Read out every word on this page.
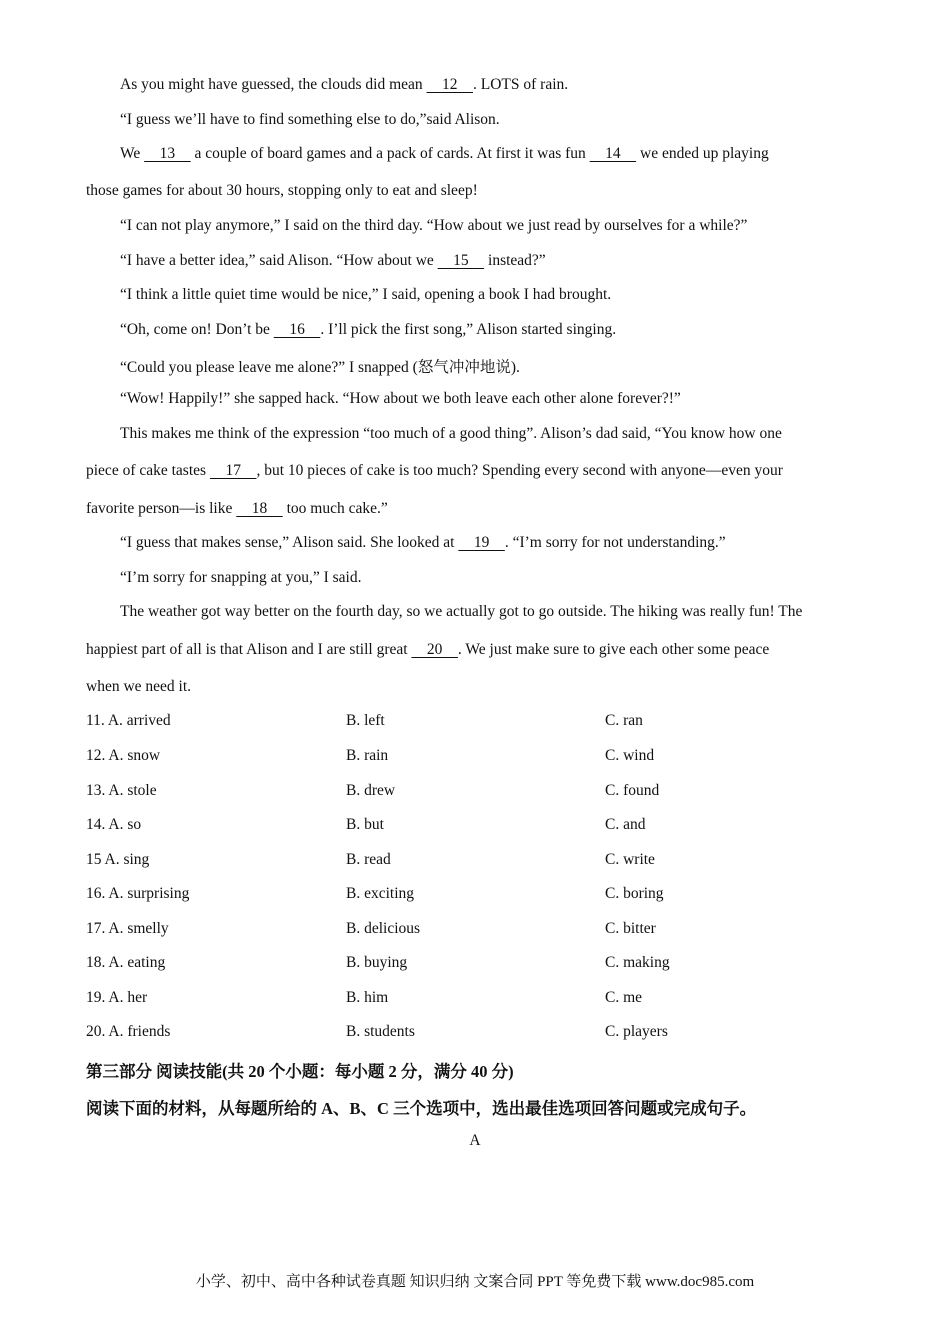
As you might have guessed, the clouds did mean     12    . LOTS of rain.
“I guess we’ll have to find something else to do,”said Alison.
We     13     a couple of board games and a pack of cards. At first it was fun     14     we ended up playing
those games for about 30 hours, stopping only to eat and sleep!
“I can not play anymore,” I said on the third day. “How about we just read by ourselves for a while?”
“I have a better idea,” said Alison. “How about we     15     instead?”
“I think a little quiet time would be nice,” I said, opening a book I had brought.
“Oh, come on! Don’t be     16    . I’ll pick the first song,” Alison started singing.
“Could you please leave me alone?” I snapped (怒气冲冲地说).
“Wow! Happily!” she sapped hack. “How about we both leave each other alone forever?!”
This makes me think of the expression “too much of a good thing”. Alison’s dad said, “You know how one
piece of cake tastes     17    , but 10 pieces of cake is too much? Spending every second with anyone—even your
favorite person—is like     18     too much cake.”
“I guess that makes sense,” Alison said. She looked at     19    . “I’m sorry for not understanding.”
“I’m sorry for snapping at you,” I said.
The weather got way better on the fourth day, so we actually got to go outside. The hiking was really fun! The
happiest part of all is that Alison and I are still great     20    . We just make sure to give each other some peace
when we need it.
11. A. arrived	B. left	C. ran
12. A. snow	B. rain	C. wind
13. A. stole	B. drew	C. found
14. A. so	B. but	C. and
15 A. sing	B. read	C. write
16. A. surprising	B. exciting	C. boring
17. A. smelly	B. delicious	C. bitter
18. A. eating	B. buying	C. making
19. A. her	B. him	C. me
20. A. friends	B. students	C. players
第三部分 阅读技能(共 20 个小题：每小题 2 分，满分 40 分)
阅读下面的材料，从每题所给的 A、B、C 三个选项中，选出最佳选项回答问题或完成句子。
A
小学、初中、高中各种试卷真题 知识归纳 文案合同 PPT 等免费下载 www.doc985.com
